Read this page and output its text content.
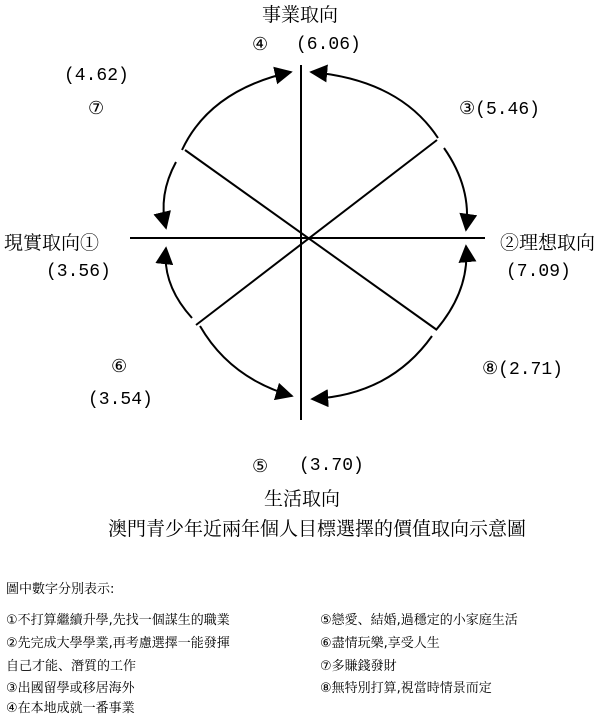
事業取向
生活取向
現實取向①	②理想取向
④ (6.06)
(4.62)
⑦	③(5.46)
(3.56)	(7.09)
⑥
(3.54)
⑧(2.71)
⑤ (3.70)
澳門青少年近兩年個人目標選擇的價值取向示意圖
圖中數字分別表示:
①不打算繼續升學,先找一個謀生的職業
②先完成大學學業,再考慮選擇一能發揮
自己才能、潛質的工作
③出國留學或移居海外
④在本地成就一番事業
⑤戀愛、結婚,過穩定的小家庭生活
⑥盡情玩樂,享受人生
⑦多賺錢發財
⑧無特別打算,視當時情景而定
